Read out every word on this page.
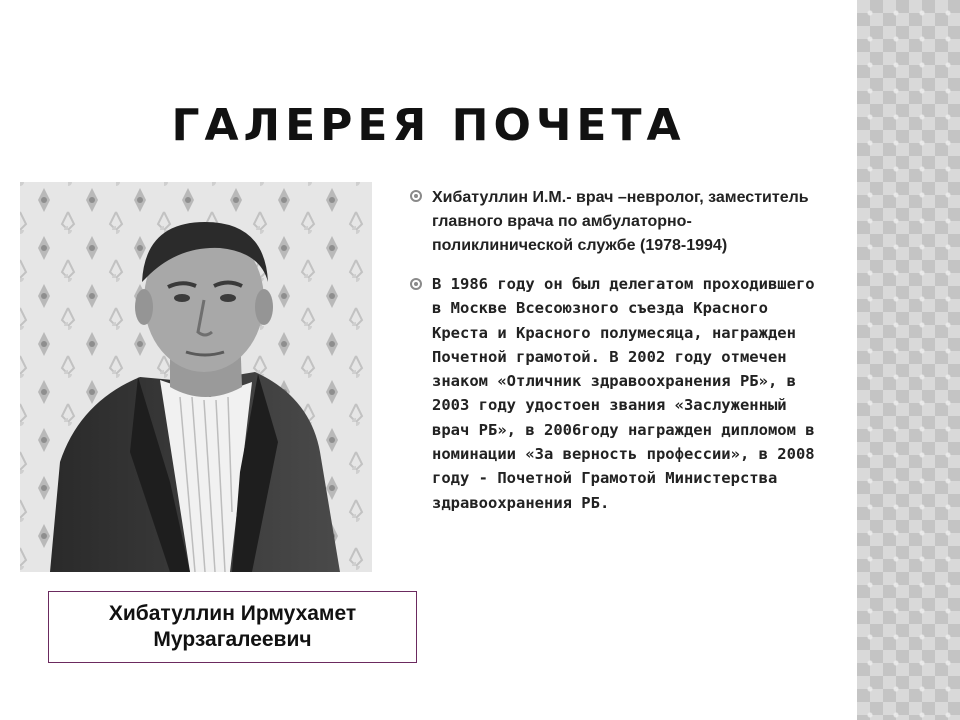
ГАЛЕРЕЯ ПОЧЕТА
Хибатуллин Ирмухамет Мурзагалеевич
Хибатуллин И.М.- врач –невролог, заместитель главного врача по амбулаторно-поликлинической службе (1978-1994)
В 1986 году он был делегатом проходившего в Москве Всесоюзного съезда Красного Креста и Красного полумесяца, награжден Почетной грамотой. В 2002 году отмечен знаком «Отличник здравоохранения РБ», в 2003 году удостоен звания «Заслуженный врач РБ», в 2006году награжден дипломом в номинации «За верность профессии», в 2008 году - Почетной Грамотой Министерства здравоохранения РБ.
